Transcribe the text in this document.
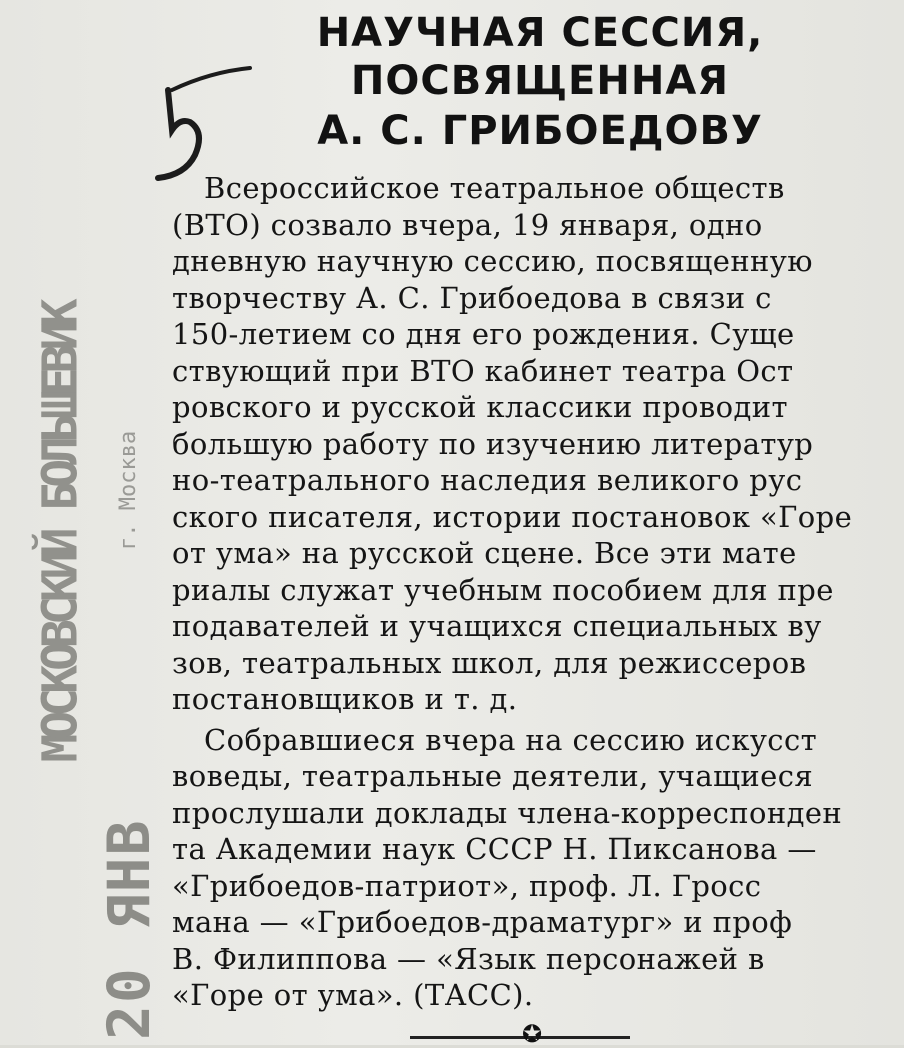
НАУЧНАЯ СЕССИЯ,
ПОСВЯЩЕННАЯ
А. С. ГРИБОЕДОВУ
МОСКОВСКИЙ БОЛЬШЕВИК	г. Москва
20 ЯНВ
Всероссийское театральное обществ
(ВТО) созвало вчера, 19 января, одно
дневную научную сессию, посвященную
творчеству А. С. Грибоедова в связи с
150-летием со дня его рождения. Суще
ствующий при ВТО кабинет театра Ост
ровского и русской классики проводит
большую работу по изучению литератур
но-театрального наследия великого рус
ского писателя, истории постановок «Горе
от ума» на русской сцене. Все эти мате
риалы служат учебным пособием для пре
подавателей и учащихся специальных ву
зов, театральных школ, для режиссеров
постановщиков и т. д.
Собравшиеся вчера на сессию искусст
воведы, театральные деятели, учащиеся
прослушали доклады члена-корреспонден
та Академии наук СССР Н. Пиксанова —
«Грибоедов-патриот», проф. Л. Гросс
мана — «Грибоедов-драматург» и проф
В. Филиппова — «Язык персонажей в
«Горе от ума». (ТАСС).
✪
